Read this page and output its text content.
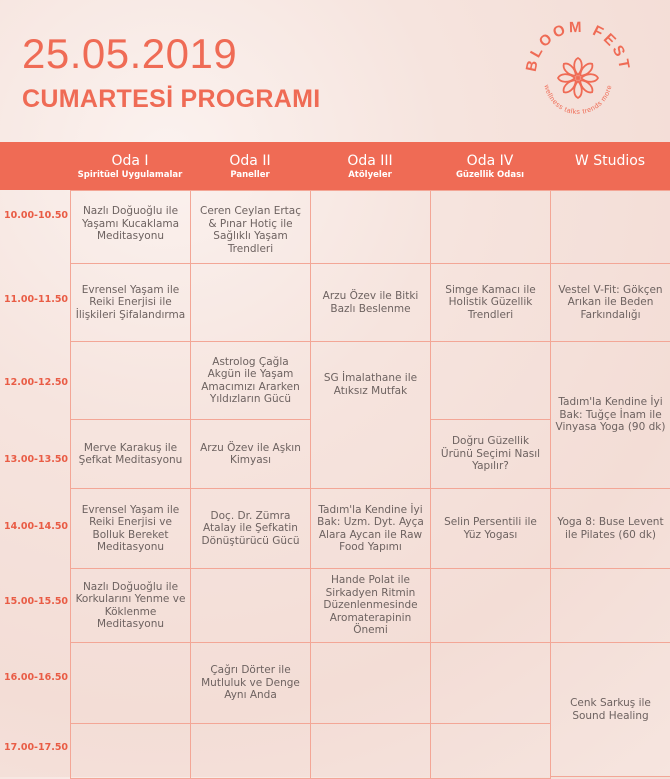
25.05.2019
CUMARTESİ PROGRAMI
BLOOM FEST
wellness talks trends more
Oda I
Spiritüel Uygulamalar
Oda II
Paneller
Oda III
Atölyeler
Oda IV
Güzellik Odası
W Studios
10.00-10.50
11.00-11.50
12.00-12.50
13.00-13.50
14.00-14.50
15.00-15.50
16.00-16.50
17.00-17.50
Nazlı Doğuoğlu ile Yaşamı Kucaklama Meditasyonu
Ceren Ceylan Ertaç & Pınar Hotiç ile Sağlıklı Yaşam Trendleri
Evrensel Yaşam ile Reiki Enerjisi ile İlişkileri Şifalandırma
Arzu Özev ile Bitki Bazlı Beslenme
Simge Kamacı ile Holistik Güzellik Trendleri
Vestel V-Fit: Gökçen Arıkan ile Beden Farkındalığı
Astrolog Çağla Akgün ile Yaşam Amacımızı Ararken Yıldızların Gücü
SG İmalathane ile Atıksız Mutfak
Tadım'la Kendine İyi Bak: Tuğçe İnam ile Vinyasa Yoga (90 dk)
Merve Karakuş ile Şefkat Meditasyonu
Arzu Özev ile Aşkın Kimyası
Doğru Güzellik Ürünü Seçimi Nasıl Yapılır?
Evrensel Yaşam ile Reiki Enerjisi ve Bolluk Bereket Meditasyonu
Doç. Dr. Zümra Atalay ile Şefkatin Dönüştürücü Gücü
Tadım'la Kendine İyi Bak: Uzm. Dyt. Ayça Alara Aycan ile Raw Food Yapımı
Selin Persentili ile Yüz Yogası
Yoga 8: Buse Levent ile Pilates (60 dk)
Nazlı Doğuoğlu ile Korkularını Yenme ve Köklenme Meditasyonu
Hande Polat ile Sirkadyen Ritmin Düzenlenmesinde Aromaterapinin Önemi
Çağrı Dörter ile Mutluluk ve Denge Aynı Anda
Cenk Sarkuş ile Sound Healing
